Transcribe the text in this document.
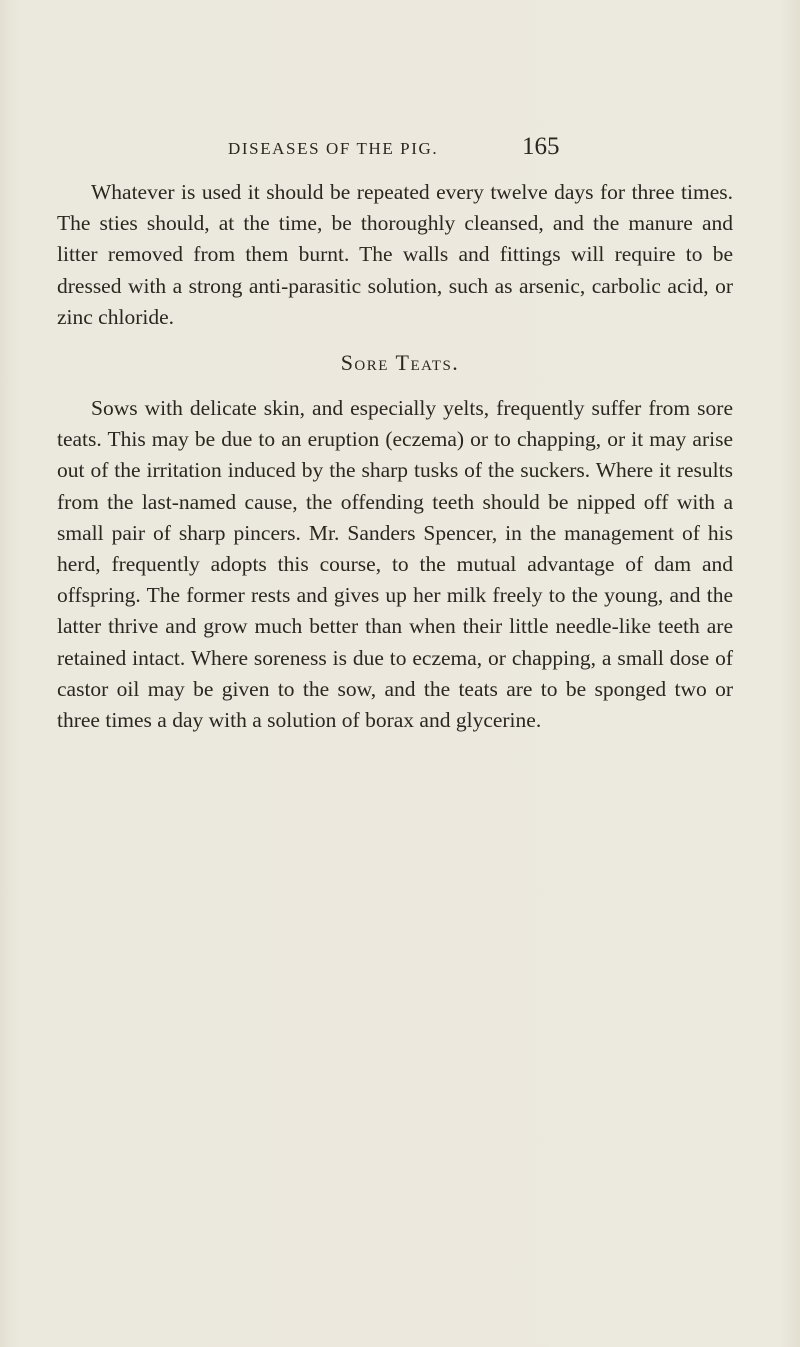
DISEASES OF THE PIG.	165

Whatever is used it should be repeated every twelve days for three times. The sties should, at the time, be thoroughly cleansed, and the manure and litter removed from them burnt. The walls and fittings will require to be dressed with a strong anti-parasitic solution, such as arsenic, carbolic acid, or zinc chloride.

Sore Teats.

Sows with delicate skin, and especially yelts, frequently suffer from sore teats. This may be due to an eruption (eczema) or to chapping, or it may arise out of the irritation induced by the sharp tusks of the suckers. Where it results from the last-named cause, the offending teeth should be nipped off with a small pair of sharp pincers. Mr. Sanders Spencer, in the management of his herd, frequently adopts this course, to the mutual advantage of dam and offspring. The former rests and gives up her milk freely to the young, and the latter thrive and grow much better than when their little needle-like teeth are retained intact. Where soreness is due to eczema, or chapping, a small dose of castor oil may be given to the sow, and the teats are to be sponged two or three times a day with a solution of borax and glycerine.
